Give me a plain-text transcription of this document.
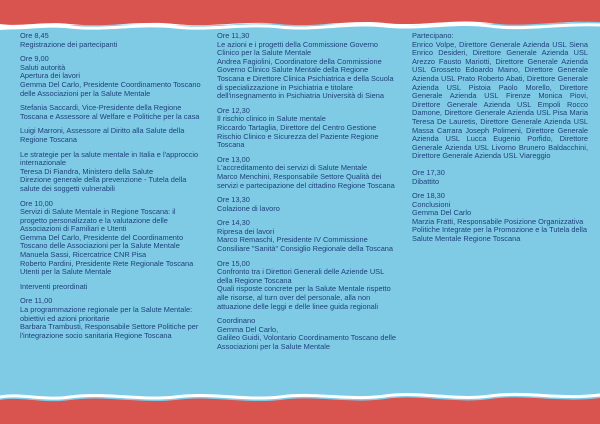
Ore 8,45
Registrazione dei partecipanti

Ore 9,00
Saluti autorità
Apertura dei lavori
Gemma Del Carlo, Presidente Coordinamento Toscano delle Associazioni per la Salute Mentale

Stefania Saccardi, Vice-Presidente della Regione Toscana e Assessore al Welfare e Politiche per la casa

Luigi Marroni, Assessore al Diritto alla Salute della Regione Toscana

Le strategie per la salute mentale in Italia e l'approccio internazionale
Teresa Di Fiandra, Ministero della Salute
Direzione generale della prevenzione - Tutela della salute dei soggetti vulnerabili

Ore 10,00
Servizi di Salute Mentale in Regione Toscana: il progetto personalizzato e la valutazione delle Associazioni di Familiari e Utenti
Gemma Del Carlo, Presidente del Coordinamento Toscano delle Associazioni per la Salute Mentale
Manuela Sassi, Ricercatrice CNR Pisa
Roberto Pardini, Presidente Rete Regionale Toscana Utenti per la Salute Mentale

Interventi preordinati

Ore 11,00
La programmazione regionale per la Salute Mentale: obiettivi ed azioni prioritarie
Barbara Trambusti, Responsabile Settore Politiche per l'integrazione socio sanitaria Regione Toscana

Ore 11,30
Le azioni e i progetti della Commissione Governo Clinico per la Salute Mentale
Andrea Fagiolini, Coordinatore della Commissione Governo Clinico Salute Mentale della Regione Toscana e Direttore Clinica Psichiatrica e della Scuola di specializzazione in Psichiatria e titolare dell'insegnamento in Psichiatria Università di Siena

Ore 12,30
Il rischio clinico in Salute mentale
Riccardo Tartaglia, Direttore del Centro Gestione Rischio Clinico e Sicurezza del Paziente Regione Toscana

Ore 13,00
L'accreditamento dei servizi di Salute Mentale
Marco Menchini, Responsabile Settore Qualità dei servizi e partecipazione del cittadino Regione Toscana

Ore 13,30
Colazione di lavoro

Ore 14,30
Ripresa dei lavori
Marco Remaschi, Presidente IV Commissione Consiliare "Sanità" Consiglio Regionale della Toscana

Ore 15,00
Confronto tra i Direttori Generali delle Aziende USL della Regione Toscana
Quali risposte concrete per la Salute Mentale rispetto alle risorse, al turn over del personale, alla non attuazione delle leggi e delle linee guida regionali

Coordinano
Gemma Del Carlo,
Galileo Guidi, Volontario Coordinamento Toscano delle Associazioni per la Salute Mentale

Partecipano:

Enrico Volpe, Direttore Generale Azienda USL Siena Enrico Desideri, Direttore Generale Azienda USL Arezzo Fausto Mariotti, Direttore Generale Azienda USL Grosseto Edoardo Maino, Direttore Generale Azienda USL Prato Roberto Abati, Direttore Generale Azienda USL Pistoia Paolo Morello, Direttore Generale Azienda USL Firenze Monica Piovi, Direttore Generale Azienda USL Empoli Rocco Damone, Direttore Generale Azienda USL Pisa Maria Teresa De Lauretis, Direttore Generale Azienda USL Massa Carrara Joseph Polimeni, Direttore Generale Azienda USL Lucca Eugenio Porfido, Direttore Generale Azienda USL Livorno Brunero Baldacchini, Direttore Generale Azienda USL Viareggio

Ore 17,30
Dibattito

Ore 18,30
Conclusioni
Gemma Del Carlo
Marzia Fratti, Responsabile Posizione Organizzativa Politiche Integrate per la Promozione e la Tutela della Salute Mentale Regione Toscana
